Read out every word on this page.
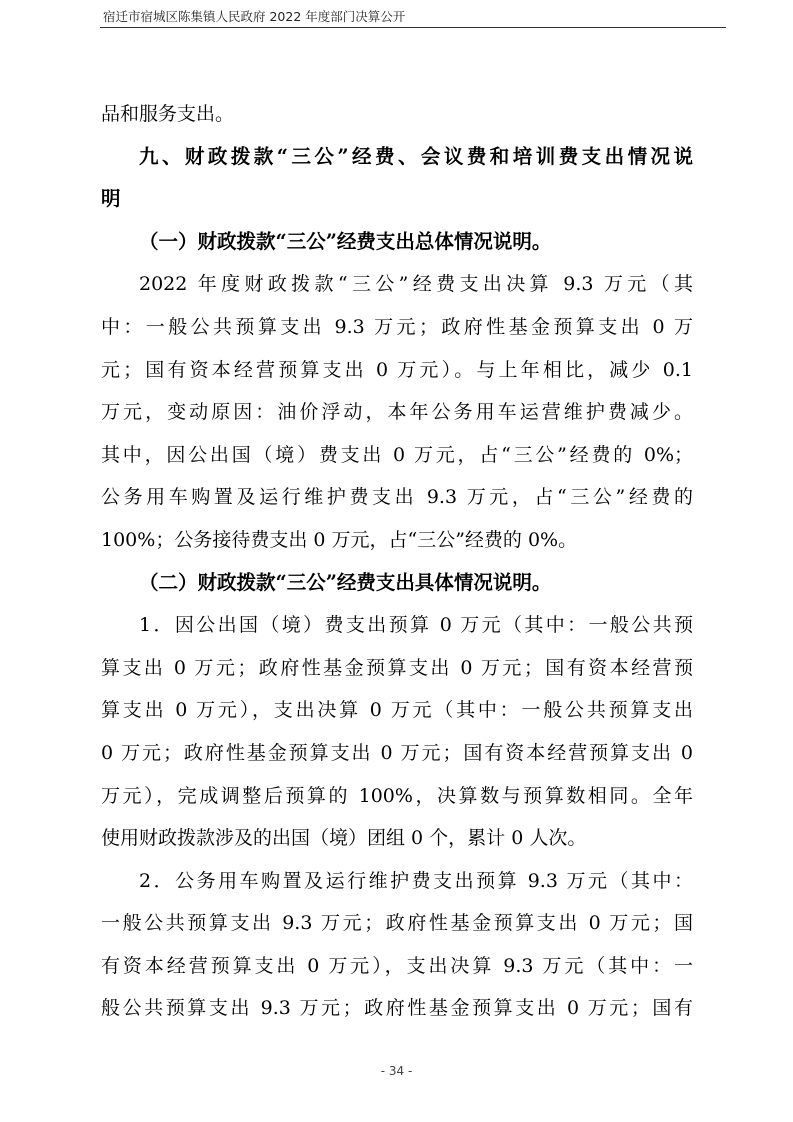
宿迁市宿城区陈集镇人民政府 2022 年度部门决算公开
品和服务支出。
九、财政拨款“三公”经费、会议费和培训费支出情况说
明
（一）财政拨款“三公”经费支出总体情况说明。
2022 年度财政拨款“三公”经费支出决算 9.3 万元（其
中：一般公共预算支出 9.3 万元；政府性基金预算支出 0 万
元；国有资本经营预算支出 0 万元）。与上年相比，减少 0.1
万元，变动原因：油价浮动，本年公务用车运营维护费减少。
其中，因公出国（境）费支出 0 万元，占“三公”经费的 0%；
公务用车购置及运行维护费支出 9.3 万元，占“三公”经费的
100%；公务接待费支出 0 万元，占“三公”经费的 0%。
（二）财政拨款“三公”经费支出具体情况说明。
1．因公出国（境）费支出预算 0 万元（其中：一般公共预
算支出 0 万元；政府性基金预算支出 0 万元；国有资本经营预
算支出 0 万元），支出决算 0 万元（其中：一般公共预算支出
0 万元；政府性基金预算支出 0 万元；国有资本经营预算支出 0
万元），完成调整后预算的 100%，决算数与预算数相同。全年
使用财政拨款涉及的出国（境）团组 0 个，累计 0 人次。
2．公务用车购置及运行维护费支出预算 9.3 万元（其中：
一般公共预算支出 9.3 万元；政府性基金预算支出 0 万元；国
有资本经营预算支出 0 万元），支出决算 9.3 万元（其中：一
般公共预算支出 9.3 万元；政府性基金预算支出 0 万元；国有
- 34 -
